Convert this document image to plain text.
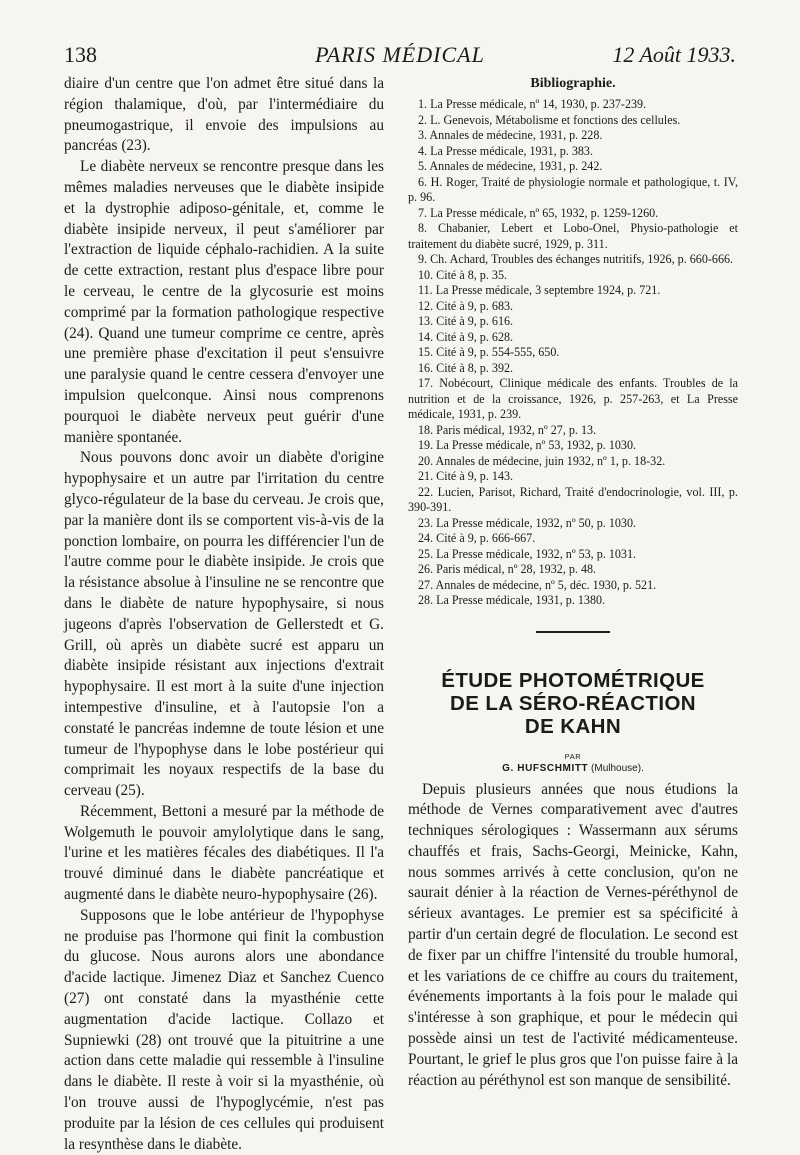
138	PARIS MÉDICAL	12 Août 1933.

diaire d'un centre que l'on admet être situé dans la région thalamique, d'où, par l'intermédiaire du pneumogastrique, il envoie des impulsions au pancréas (23).

Le diabète nerveux se rencontre presque dans les mêmes maladies nerveuses que le diabète insipide et la dystrophie adiposo-génitale, et, comme le diabète insipide nerveux, il peut s'améliorer par l'extraction de liquide céphalo-rachidien. A la suite de cette extraction, restant plus d'espace libre pour le cerveau, le centre de la glycosurie est moins comprimé par la formation pathologique respective (24). Quand une tumeur comprime ce centre, après une première phase d'excitation il peut s'ensuivre une paralysie quand le centre cessera d'envoyer une impulsion quelconque. Ainsi nous comprenons pourquoi le diabète nerveux peut guérir d'une manière spontanée.

Nous pouvons donc avoir un diabète d'origine hypophysaire et un autre par l'irritation du centre glyco-régulateur de la base du cerveau. Je crois que, par la manière dont ils se comportent vis-à-vis de la ponction lombaire, on pourra les différencier l'un de l'autre comme pour le diabète insipide. Je crois que la résistance absolue à l'insuline ne se rencontre que dans le diabète de nature hypophysaire, si nous jugeons d'après l'observation de Gellerstedt et G. Grill, où après un diabète sucré est apparu un diabète insipide résistant aux injections d'extrait hypophysaire. Il est mort à la suite d'une injection intempestive d'insuline, et à l'autopsie l'on a constaté le pancréas indemne de toute lésion et une tumeur de l'hypophyse dans le lobe postérieur qui comprimait les noyaux respectifs de la base du cerveau (25).

Récemment, Bettoni a mesuré par la méthode de Wolgemuth le pouvoir amylolytique dans le sang, l'urine et les matières fécales des diabétiques. Il l'a trouvé diminué dans le diabète pancréatique et augmenté dans le diabète neuro-hypophysaire (26).

Supposons que le lobe antérieur de l'hypophyse ne produise pas l'hormone qui finit la combustion du glucose. Nous aurons alors une abondance d'acide lactique. Jimenez Diaz et Sanchez Cuenco (27) ont constaté dans la myasthénie cette augmentation d'acide lactique. Collazo et Supniewki (28) ont trouvé que la pituitrine a une action dans cette maladie qui ressemble à l'insuline dans le diabète. Il reste à voir si la myasthénie, où l'on trouve aussi de l'hypoglycémie, n'est pas produite par la lésion de ces cellules qui produisent la resynthèse dans le diabète.

Bibliographie.
1. La Presse médicale, nº 14, 1930, p. 237-239.
2. L. Genevois, Métabolisme et fonctions des cellules.
3. Annales de médecine, 1931, p. 228.
4. La Presse médicale, 1931, p. 383.
5. Annales de médecine, 1931, p. 242.
6. H. Roger, Traité de physiologie normale et pathologique, t. IV, p. 96.
7. La Presse médicale, nº 65, 1932, p. 1259-1260.
8. Chabanier, Lebert et Lobo-Onel, Physio-pathologie et traitement du diabète sucré, 1929, p. 311.
9. Ch. Achard, Troubles des échanges nutritifs, 1926, p. 660-666.
10. Cité à 8, p. 35.
11. La Presse médicale, 3 septembre 1924, p. 721.
12. Cité à 9, p. 683.
13. Cité à 9, p. 616.
14. Cité à 9, p. 628.
15. Cité à 9, p. 554-555, 650.
16. Cité à 8, p. 392.
17. Nobécourt, Clinique médicale des enfants. Troubles de la nutrition et de la croissance, 1926, p. 257-263, et La Presse médicale, 1931, p. 239.
18. Paris médical, 1932, nº 27, p. 13.
19. La Presse médicale, nº 53, 1932, p. 1030.
20. Annales de médecine, juin 1932, nº 1, p. 18-32.
21. Cité à 9, p. 143.
22. Lucien, Parisot, Richard, Traité d'endocrinologie, vol. III, p. 390-391.
23. La Presse médicale, 1932, nº 50, p. 1030.
24. Cité à 9, p. 666-667.
25. La Presse médicale, 1932, nº 53, p. 1031.
26. Paris médical, nº 28, 1932, p. 48.
27. Annales de médecine, nº 5, déc. 1930, p. 521.
28. La Presse médicale, 1931, p. 1380.
ÉTUDE PHOTOMÉTRIQUE
DE LA SÉRO-RÉACTION
DE KAHN
PAR
G. HUFSCHMITT (Mulhouse).

Depuis plusieurs années que nous étudions la méthode de Vernes comparativement avec d'autres techniques sérologiques : Wassermann aux sérums chauffés et frais, Sachs-Georgi, Meinicke, Kahn, nous sommes arrivés à cette conclusion, qu'on ne saurait dénier à la réaction de Vernes-péréthynol de sérieux avantages. Le premier est sa spécificité à partir d'un certain degré de floculation. Le second est de fixer par un chiffre l'intensité du trouble humoral, et les variations de ce chiffre au cours du traitement, événements importants à la fois pour le malade qui s'intéresse à son graphique, et pour le médecin qui possède ainsi un test de l'activité médicamenteuse. Pourtant, le grief le plus gros que l'on puisse faire à la réaction au péréthynol est son manque de sensibilité.
